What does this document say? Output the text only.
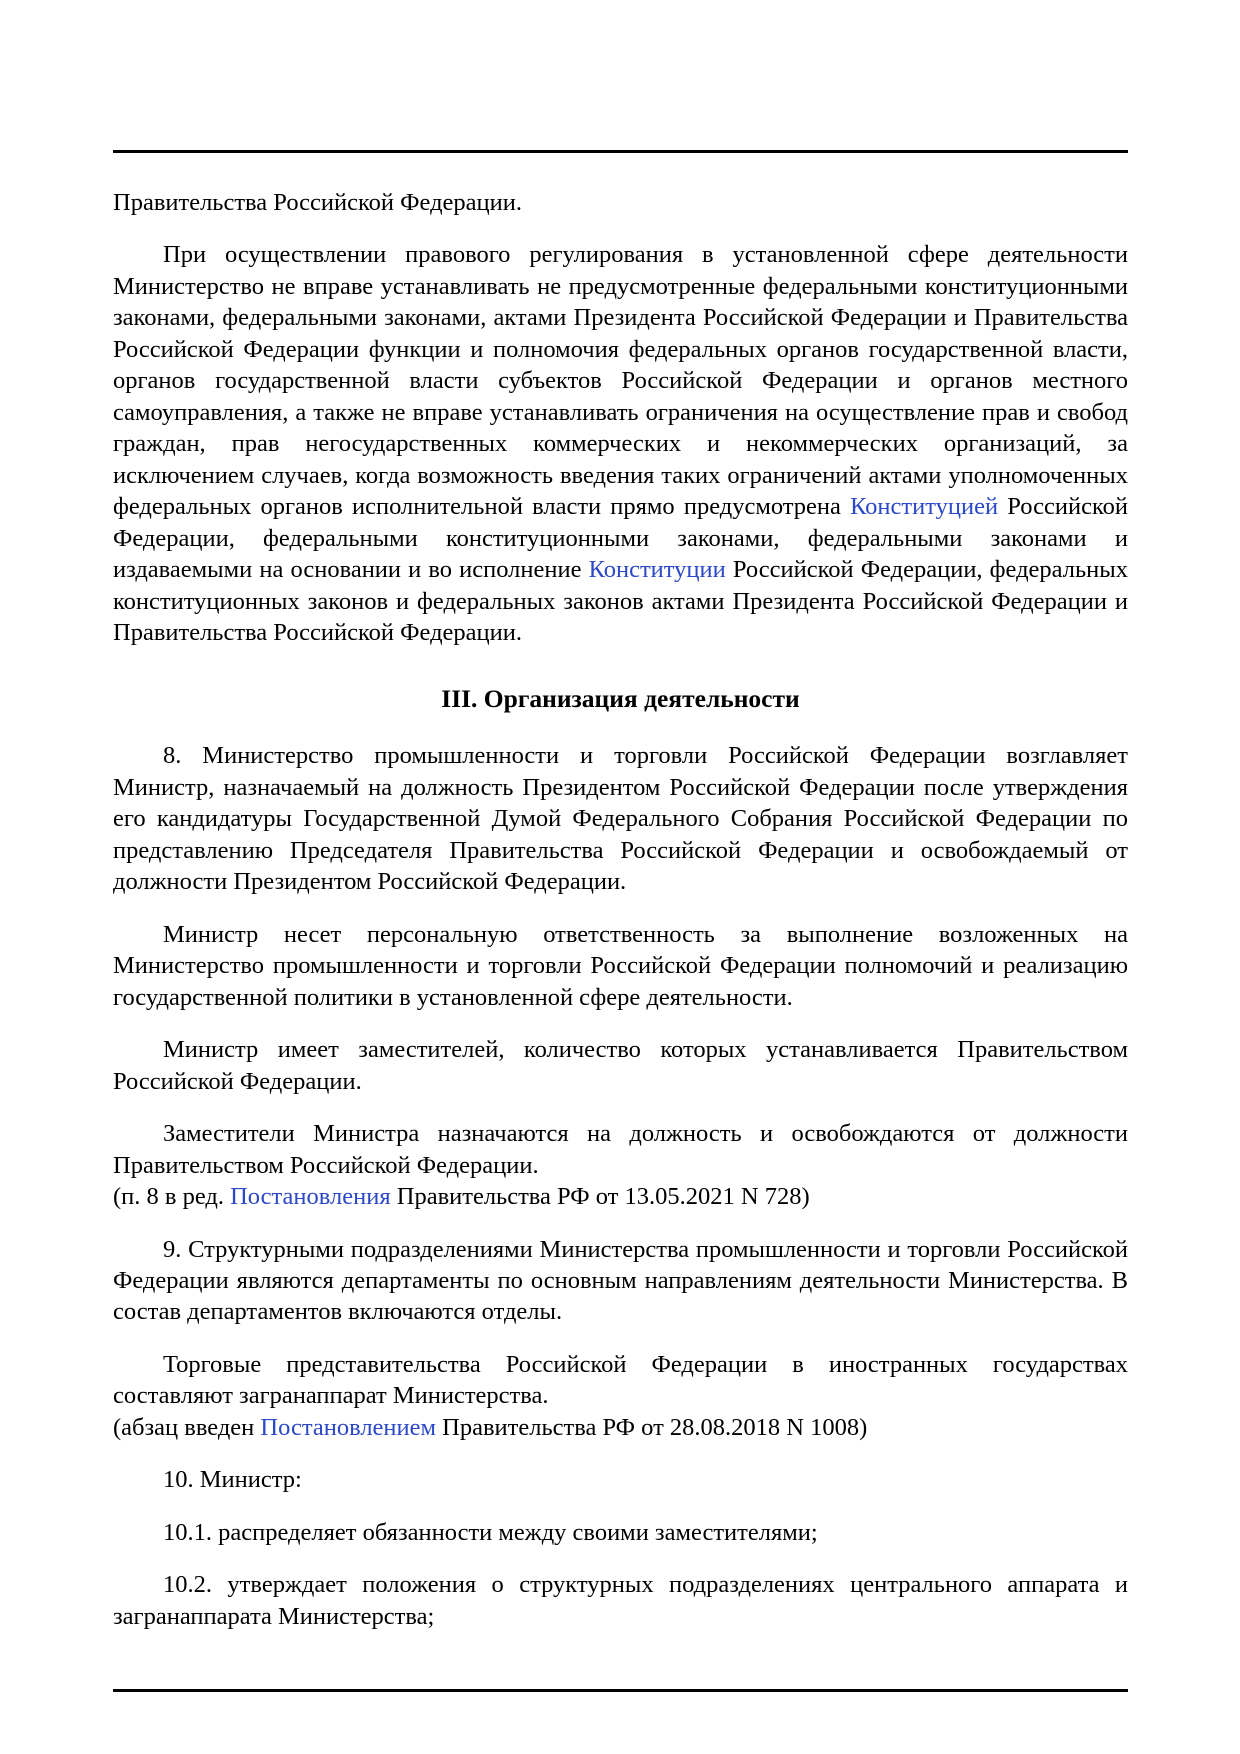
Правительства Российской Федерации.

При осуществлении правового регулирования в установленной сфере деятельности Министерство не вправе устанавливать не предусмотренные федеральными конституционными законами, федеральными законами, актами Президента Российской Федерации и Правительства Российской Федерации функции и полномочия федеральных органов государственной власти, органов государственной власти субъектов Российской Федерации и органов местного самоуправления, а также не вправе устанавливать ограничения на осуществление прав и свобод граждан, прав негосударственных коммерческих и некоммерческих организаций, за исключением случаев, когда возможность введения таких ограничений актами уполномоченных федеральных органов исполнительной власти прямо предусмотрена Конституцией Российской Федерации, федеральными конституционными законами, федеральными законами и издаваемыми на основании и во исполнение Конституции Российской Федерации, федеральных конституционных законов и федеральных законов актами Президента Российской Федерации и Правительства Российской Федерации.

III. Организация деятельности

8. Министерство промышленности и торговли Российской Федерации возглавляет Министр, назначаемый на должность Президентом Российской Федерации после утверждения его кандидатуры Государственной Думой Федерального Собрания Российской Федерации по представлению Председателя Правительства Российской Федерации и освобождаемый от должности Президентом Российской Федерации.

Министр несет персональную ответственность за выполнение возложенных на Министерство промышленности и торговли Российской Федерации полномочий и реализацию государственной политики в установленной сфере деятельности.

Министр имеет заместителей, количество которых устанавливается Правительством Российской Федерации.

Заместители Министра назначаются на должность и освобождаются от должности Правительством Российской Федерации.

(п. 8 в ред. Постановления Правительства РФ от 13.05.2021 N 728)

9. Структурными подразделениями Министерства промышленности и торговли Российской Федерации являются департаменты по основным направлениям деятельности Министерства. В состав департаментов включаются отделы.

Торговые представительства Российской Федерации в иностранных государствах составляют загранаппарат Министерства.

(абзац введен Постановлением Правительства РФ от 28.08.2018 N 1008)

10. Министр:

10.1. распределяет обязанности между своими заместителями;

10.2. утверждает положения о структурных подразделениях центрального аппарата и загранаппарата Министерства;
